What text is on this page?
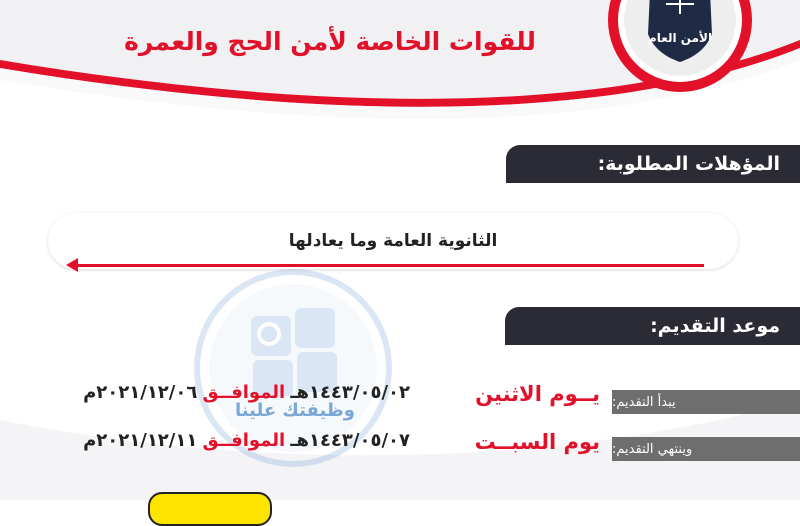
للقوات الخاصة لأمن الحج والعمرة	الأمن العام
المؤهلات المطلوبة:
الثانوية العامة وما يعادلها
وظيفتك علينا
موعد التقديم:
يبدأ التقديم:
يــوم الاثنين
١٤٤٣/٠٥/٠٢هـ الموافــق ٢٠٢١/١٢/٠٦م
وينتهي التقديم:
يوم السبــت
١٤٤٣/٠٥/٠٧هـ الموافــق ٢٠٢١/١٢/١١م
